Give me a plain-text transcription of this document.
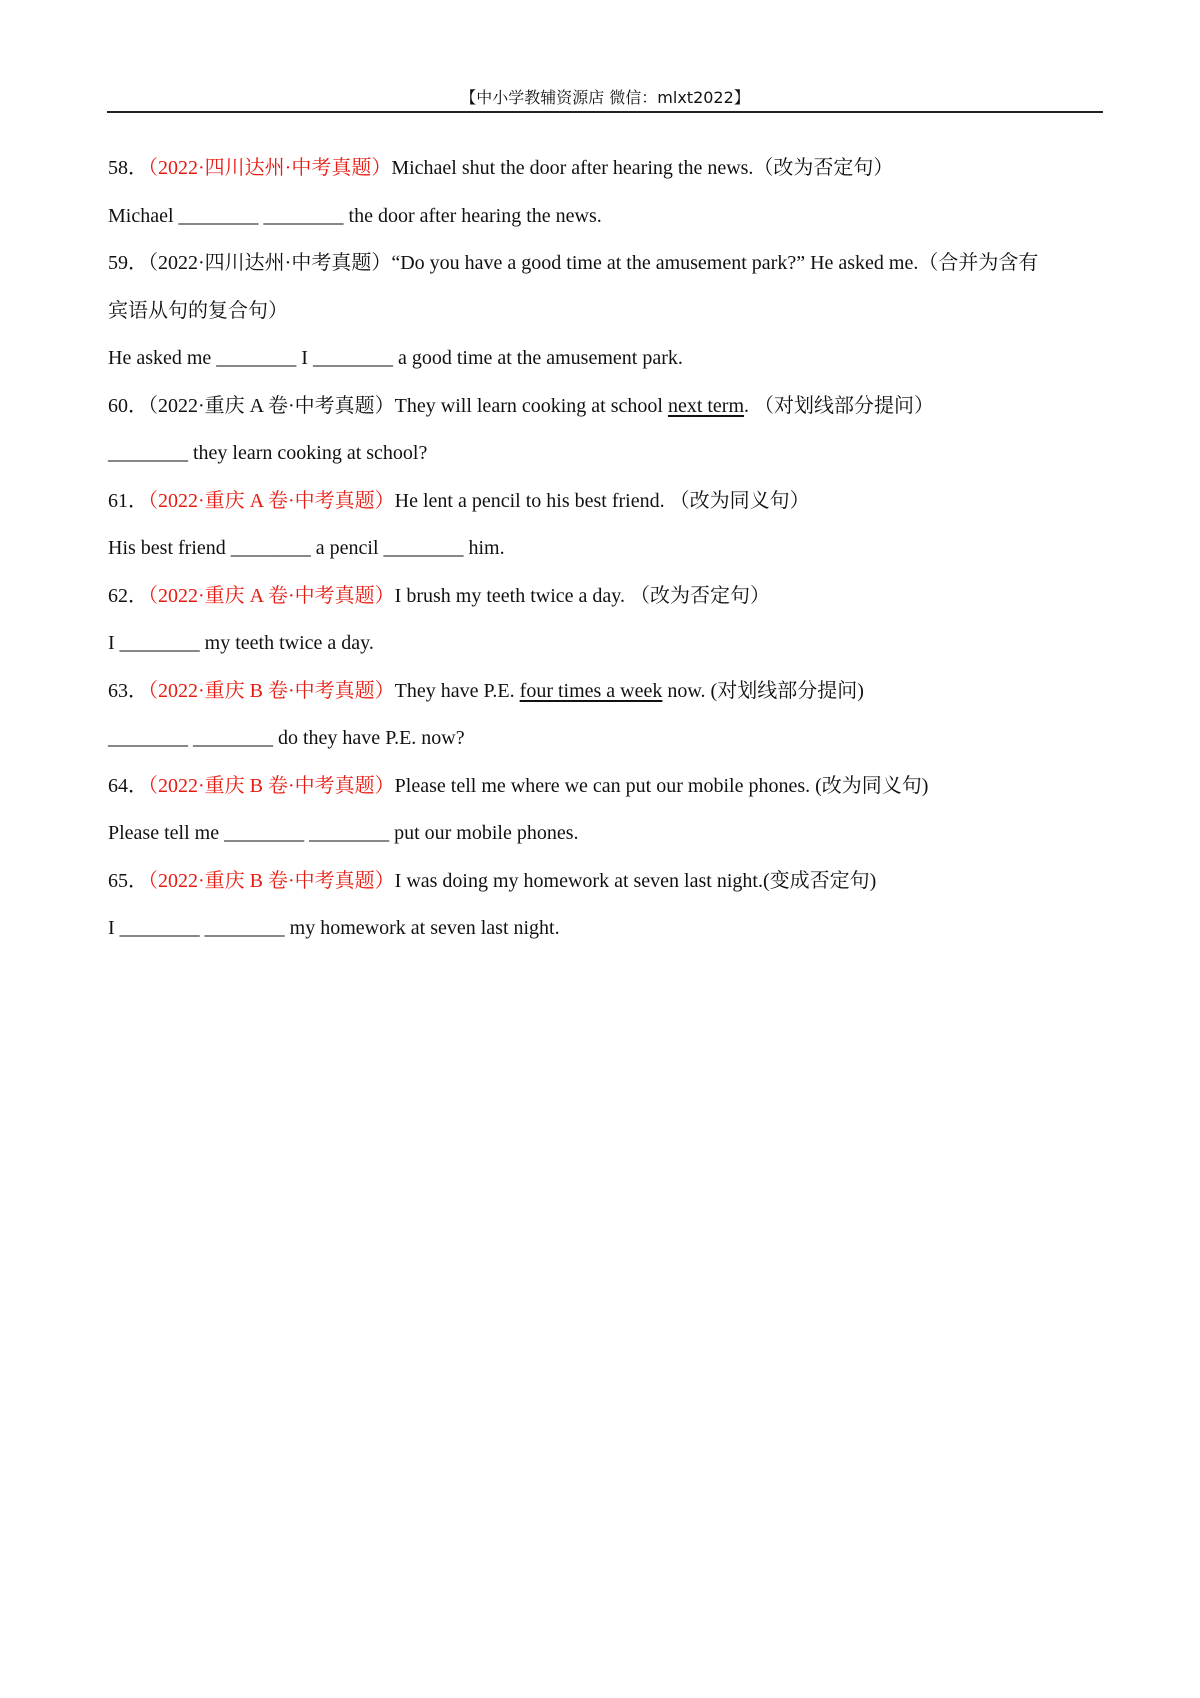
【中小学教辅资源店 微信：mlxt2022】
58．（2022·四川达州·中考真题）Michael shut the door after hearing the news.（改为否定句）
Michael ________ ________ the door after hearing the news.
59．（2022·四川达州·中考真题）“Do you have a good time at the amusement park?” He asked me.（合并为含有
宾语从句的复合句）
He asked me ________ I ________ a good time at the amusement park.
60．（2022·重庆 A 卷·中考真题）They will learn cooking at school next term. （对划线部分提问）
________ they learn cooking at school?
61．（2022·重庆 A 卷·中考真题）He lent a pencil to his best friend. （改为同义句）
His best friend ________ a pencil ________ him.
62．（2022·重庆 A 卷·中考真题）I brush my teeth twice a day. （改为否定句）
I ________ my teeth twice a day.
63．（2022·重庆 B 卷·中考真题）They have P.E. four times a week now. (对划线部分提问)
________ ________ do they have P.E. now?
64．（2022·重庆 B 卷·中考真题）Please tell me where we can put our mobile phones. (改为同义句)
Please tell me ________ ________ put our mobile phones.
65．（2022·重庆 B 卷·中考真题）I was doing my homework at seven last night.(变成否定句)
I ________ ________ my homework at seven last night.
